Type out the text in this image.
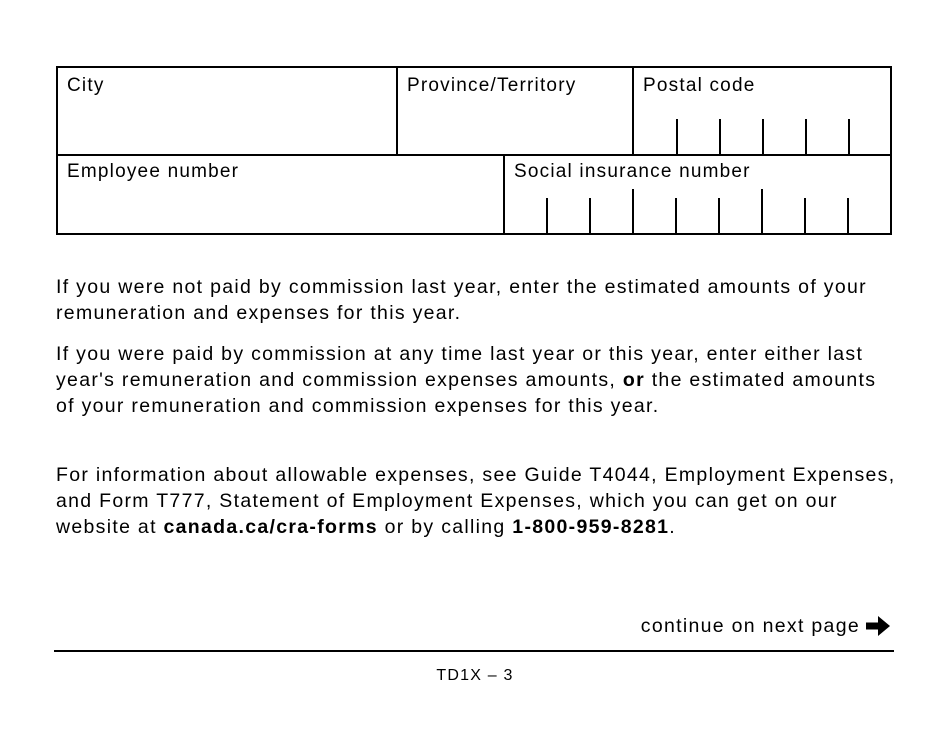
City	Province/Territory	Postal code
Employee number	Social insurance number

If you were not paid by commission last year, enter the estimated amounts of your remuneration and expenses for this year.

If you were paid by commission at any time last year or this year, enter either last year's remuneration and commission expenses amounts, or the estimated amounts of your remuneration and commission expenses for this year.

For information about allowable expenses, see Guide T4044, Employment Expenses, and Form T777, Statement of Employment Expenses, which you can get on our website at canada.ca/cra-forms or by calling 1-800-959-8281.

continue on next page
TD1X – 3
